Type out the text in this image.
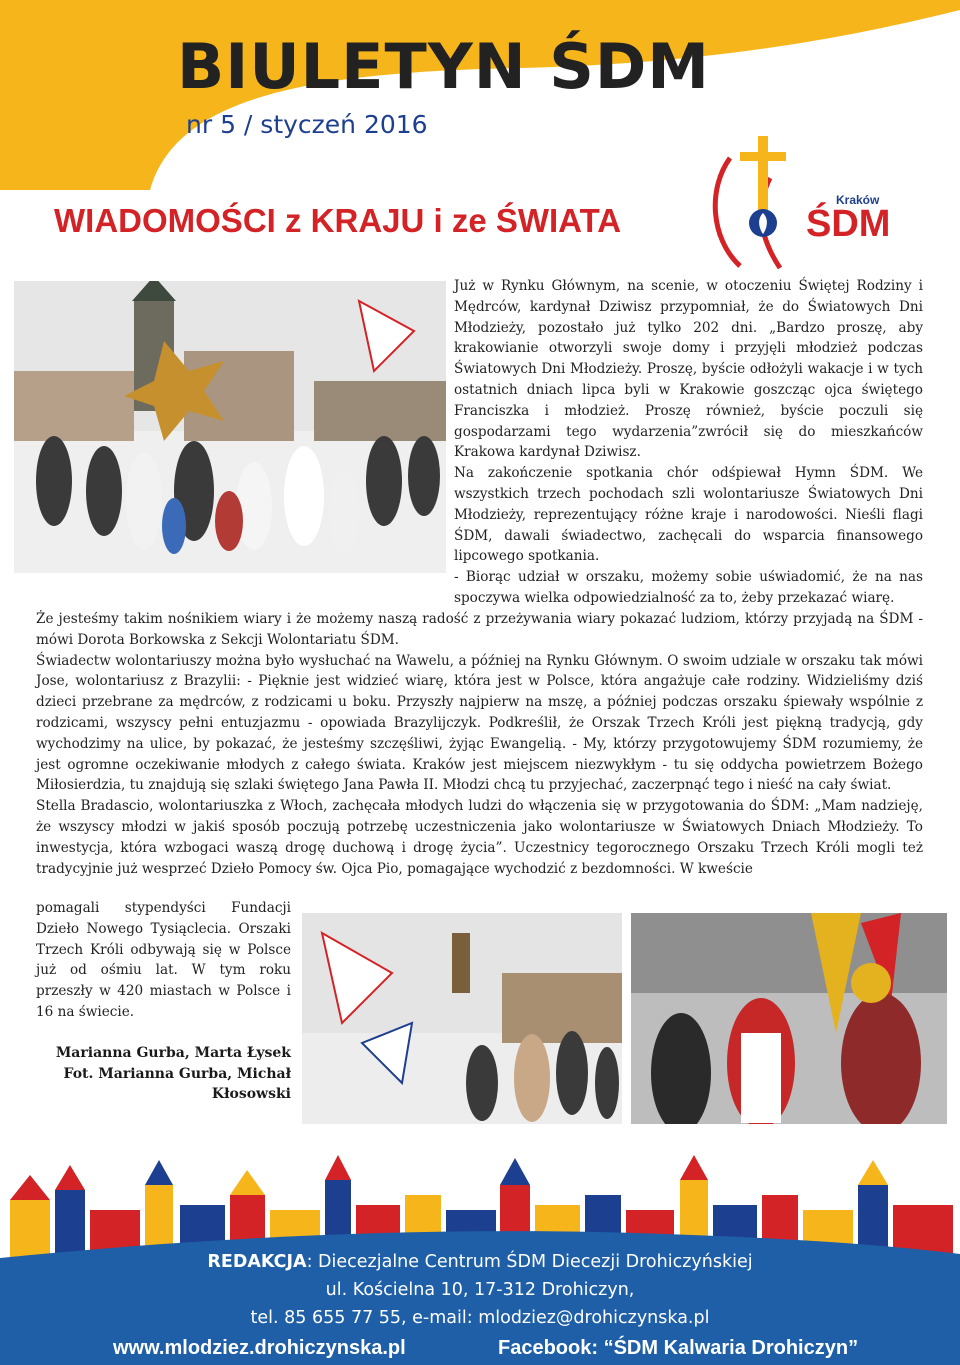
BIULETYN ŚDM
nr 5 / styczeń 2016
WIADOMOŚCI z KRAJU i ze ŚWIATA
Kraków
ŚDM

Już w Rynku Głównym, na scenie, w otoczeniu Świętej Rodziny i Mędrców, kardynał Dziwisz przypomniał, że do Światowych Dni Młodzieży, pozostało już tylko 202 dni. „Bardzo proszę, aby krakowianie otworzyli swoje domy i przyjęli młodzież podczas Światowych Dni Młodzieży. Proszę, byście odłożyli wakacje i w tych ostatnich dniach lipca byli w Krakowie goszcząc ojca świętego Franciszka i młodzież. Proszę również, byście poczuli się gospodarzami tego wydarzenia”zwrócił się do mieszkańców Krakowa kardynał Dziwisz.

Na zakończenie spotkania chór odśpiewał Hymn ŚDM. We wszystkich trzech pochodach szli wolontariusze Światowych Dni Młodzieży, reprezentujący różne kraje i narodowości. Nieśli flagi ŚDM, dawali świadectwo, zachęcali do wsparcia finansowego lipcowego spotkania.

- Biorąc udział w orszaku, możemy sobie uświadomić, że na nas spoczywa wielka odpowiedzialność za to, żeby przekazać wiarę.

Że jesteśmy takim nośnikiem wiary i że możemy naszą radość z przeżywania wiary pokazać ludziom, którzy przyjadą na ŚDM - mówi Dorota Borkowska z Sekcji Wolontariatu ŚDM.

Świadectw wolontariuszy można było wysłuchać na Wawelu, a później na Rynku Głównym. O swoim udziale w orszaku tak mówi Jose, wolontariusz z Brazylii: - Pięknie jest widzieć wiarę, która jest w Polsce, która angażuje całe rodziny. Widzieliśmy dziś dzieci przebrane za mędrców, z rodzicami u boku. Przyszły najpierw na mszę, a później podczas orszaku śpiewały wspólnie z rodzicami, wszyscy pełni entuzjazmu - opowiada Brazylijczyk. Podkreślił, że Orszak Trzech Króli jest piękną tradycją, gdy wychodzimy na ulice, by pokazać, że jesteśmy szczęśliwi, żyjąc Ewangelią. - My, którzy przygotowujemy ŚDM rozumiemy, że jest ogromne oczekiwanie młodych z całego świata. Kraków jest miejscem niezwykłym - tu się oddycha powietrzem Bożego Miłosierdzia, tu znajdują się szlaki świętego Jana Pawła II. Młodzi chcą tu przyjechać, zaczerpnąć tego i nieść na cały świat.

Stella Bradascio, wolontariuszka z Włoch, zachęcała młodych ludzi do włączenia się w przygotowania do ŚDM: „Mam nadzieję, że wszyscy młodzi w jakiś sposób poczują potrzebę uczestniczenia jako wolontariusze w Światowych Dniach Młodzieży. To inwestycja, która wzbogaci waszą drogę duchową i drogę życia”. Uczestnicy tegorocznego Orszaku Trzech Króli mogli też tradycyjnie już wesprzeć Dzieło Pomocy św. Ojca Pio, pomagające wychodzić z bezdomności. W kweście

pomagali stypendyści Fundacji Dzieło Nowego Tysiąclecia. Orszaki Trzech Króli odbywają się w Polsce już od ośmiu lat. W tym roku przeszły w 420 miastach w Polsce i 16 na świecie.

Marianna Gurba, Marta Łysek

Fot. Marianna Gurba, Michał Kłosowski

REDAKCJA: Diecezjalne Centrum ŚDM Diecezji Drohiczyńskiej
ul. Kościelna 10, 17-312 Drohiczyn,
tel. 85 655 77 55, e-mail: mlodziez@drohiczynska.pl
www.mlodziez.drohiczynska.pl	Facebook: “ŚDM Kalwaria Drohiczyn”
